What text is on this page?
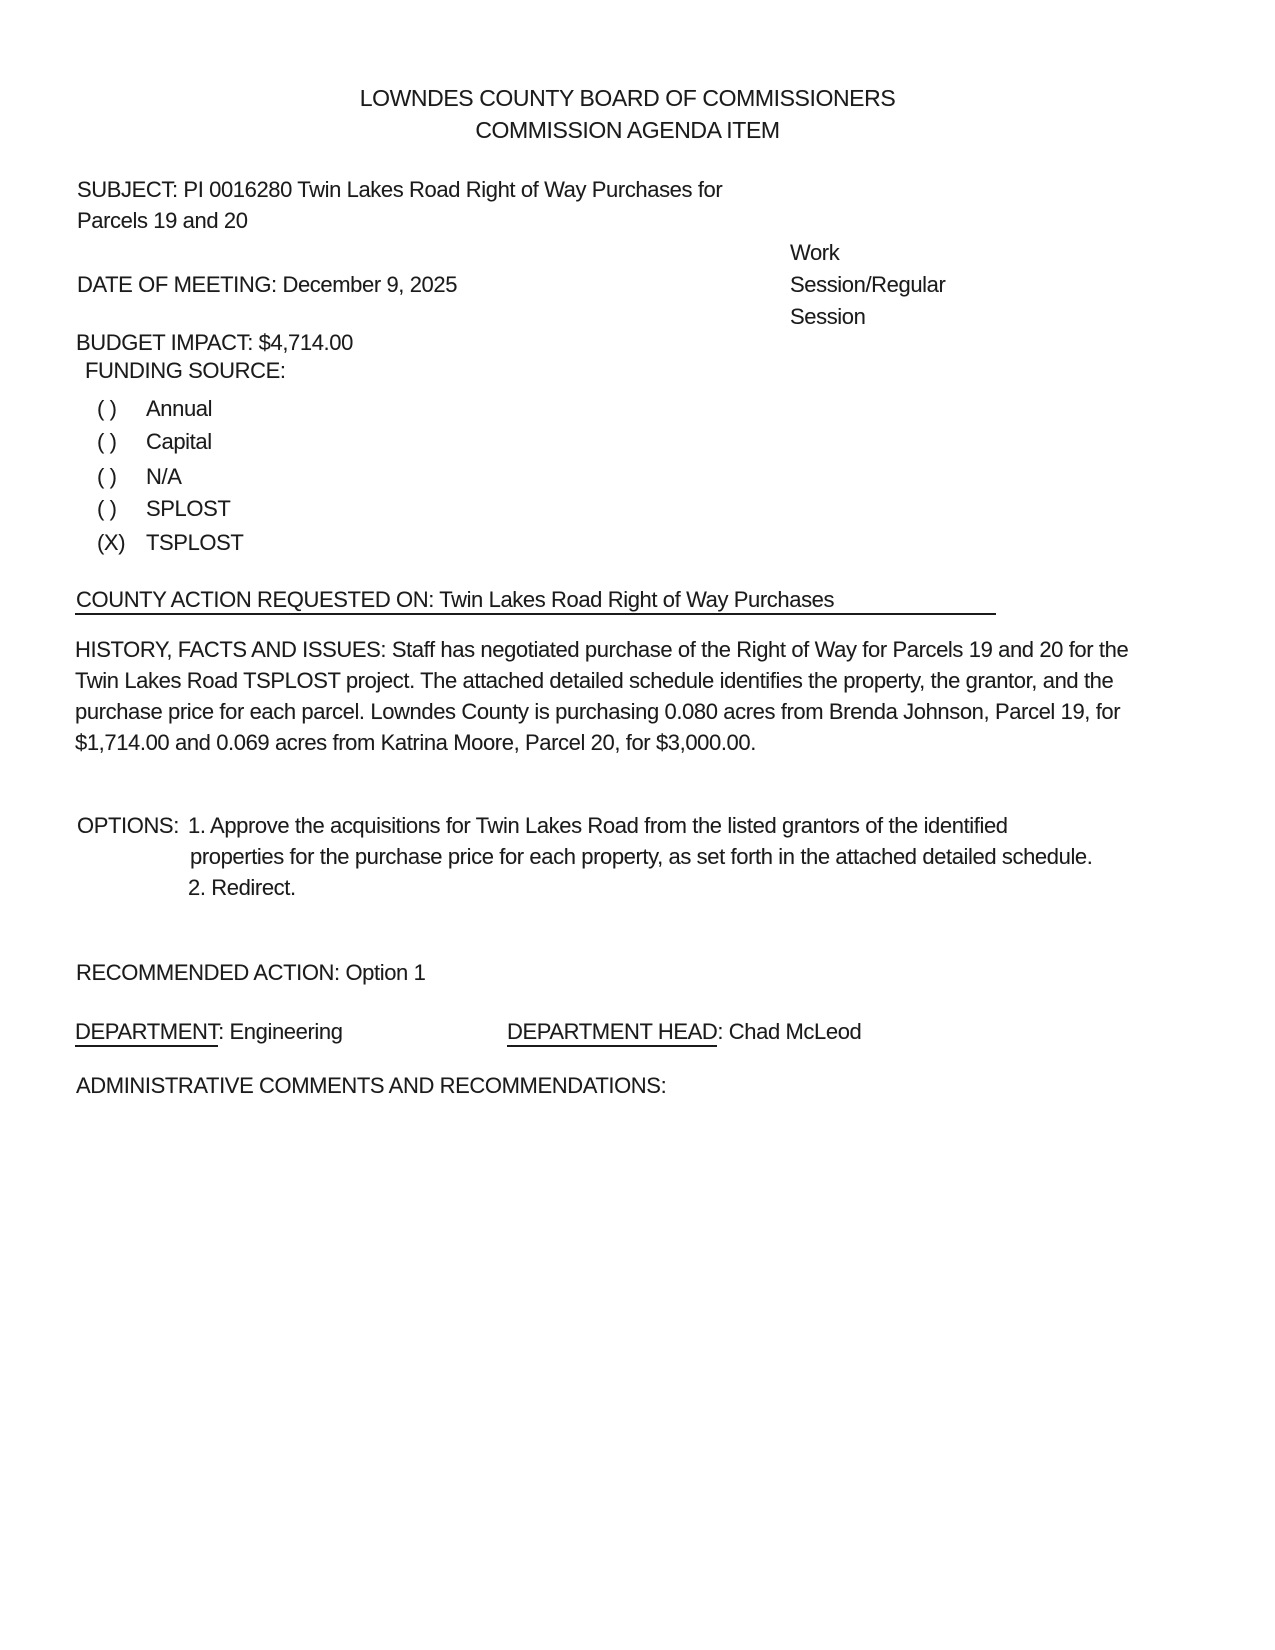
LOWNDES COUNTY BOARD OF COMMISSIONERS
COMMISSION AGENDA ITEM
SUBJECT: PI 0016280 Twin Lakes Road Right of Way Purchases for
Parcels 19 and 20
Work
Session/Regular
Session
DATE OF MEETING: December 9, 2025
BUDGET IMPACT: $4,714.00
FUNDING SOURCE:
( ) Annual
( ) Capital
( ) N/A
( ) SPLOST
(X) TSPLOST
COUNTY ACTION REQUESTED ON: Twin Lakes Road Right of Way Purchases
HISTORY, FACTS AND ISSUES: Staff has negotiated purchase of the Right of Way for Parcels 19 and 20 for the
Twin Lakes Road TSPLOST project. The attached detailed schedule identifies the property, the grantor, and the
purchase price for each parcel. Lowndes County is purchasing 0.080 acres from Brenda Johnson, Parcel 19, for
$1,714.00 and 0.069 acres from Katrina Moore, Parcel 20, for $3,000.00.
OPTIONS: 1. Approve the acquisitions for Twin Lakes Road from the listed grantors of the identified
properties for the purchase price for each property, as set forth in the attached detailed schedule.
2. Redirect.
RECOMMENDED ACTION: Option 1
DEPARTMENT: Engineering	DEPARTMENT HEAD: Chad McLeod
ADMINISTRATIVE COMMENTS AND RECOMMENDATIONS:
